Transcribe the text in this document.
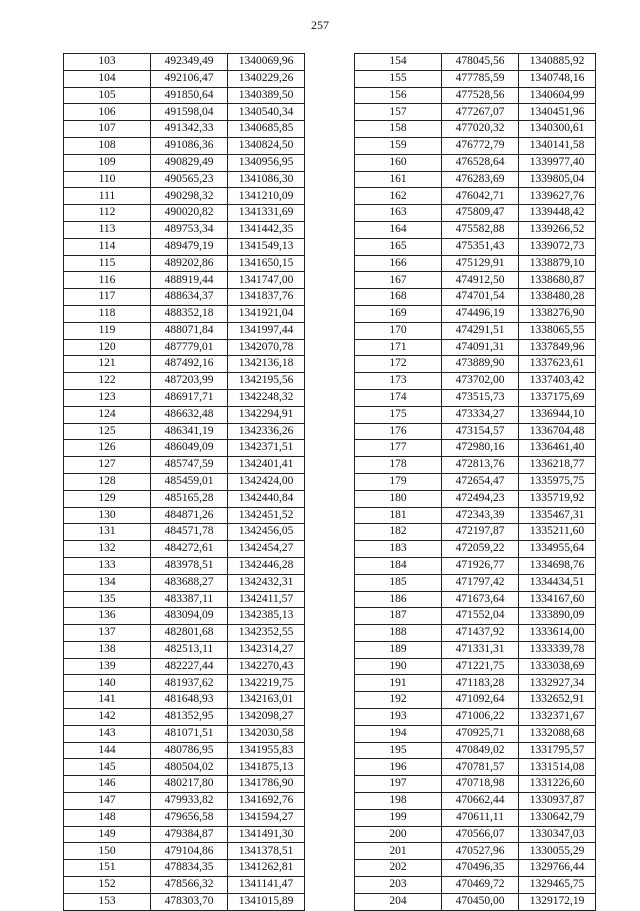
257
103	492349,49	1340069,96
104	492106,47	1340229,26
105	491850,64	1340389,50
106	491598,04	1340540,34
107	491342,33	1340685,85
108	491086,36	1340824,50
109	490829,49	1340956,95
110	490565,23	1341086,30
111	490298,32	1341210,09
112	490020,82	1341331,69
113	489753,34	1341442,35
114	489479,19	1341549,13
115	489202,86	1341650,15
116	488919,44	1341747,00
117	488634,37	1341837,76
118	488352,18	1341921,04
119	488071,84	1341997,44
120	487779,01	1342070,78
121	487492,16	1342136,18
122	487203,99	1342195,56
123	486917,71	1342248,32
124	486632,48	1342294,91
125	486341,19	1342336,26
126	486049,09	1342371,51
127	485747,59	1342401,41
128	485459,01	1342424,00
129	485165,28	1342440,84
130	484871,26	1342451,52
131	484571,78	1342456,05
132	484272,61	1342454,27
133	483978,51	1342446,28
134	483688,27	1342432,31
135	483387,11	1342411,57
136	483094,09	1342385,13
137	482801,68	1342352,55
138	482513,11	1342314,27
139	482227,44	1342270,43
140	481937,62	1342219,75
141	481648,93	1342163,01
142	481352,95	1342098,27
143	481071,51	1342030,58
144	480786,95	1341955,83
145	480504,02	1341875,13
146	480217,80	1341786,90
147	479933,82	1341692,76
148	479656,58	1341594,27
149	479384,87	1341491,30
150	479104,86	1341378,51
151	478834,35	1341262,81
152	478566,32	1341141,47
153	478303,70	1341015,89
154	478045,56	1340885,92
155	477785,59	1340748,16
156	477528,56	1340604,99
157	477267,07	1340451,96
158	477020,32	1340300,61
159	476772,79	1340141,58
160	476528,64	1339977,40
161	476283,69	1339805,04
162	476042,71	1339627,76
163	475809,47	1339448,42
164	475582,88	1339266,52
165	475351,43	1339072,73
166	475129,91	1338879,10
167	474912,50	1338680,87
168	474701,54	1338480,28
169	474496,19	1338276,90
170	474291,51	1338065,55
171	474091,31	1337849,96
172	473889,90	1337623,61
173	473702,00	1337403,42
174	473515,73	1337175,69
175	473334,27	1336944,10
176	473154,57	1336704,48
177	472980,16	1336461,40
178	472813,76	1336218,77
179	472654,47	1335975,75
180	472494,23	1335719,92
181	472343,39	1335467,31
182	472197,87	1335211,60
183	472059,22	1334955,64
184	471926,77	1334698,76
185	471797,42	1334434,51
186	471673,64	1334167,60
187	471552,04	1333890,09
188	471437,92	1333614,00
189	471331,31	1333339,78
190	471221,75	1333038,69
191	471183,28	1332927,34
192	471092,64	1332652,91
193	471006,22	1332371,67
194	470925,71	1332088,68
195	470849,02	1331795,57
196	470781,57	1331514,08
197	470718,98	1331226,60
198	470662,44	1330937,87
199	470611,11	1330642,79
200	470566,07	1330347,03
201	470527,96	1330055,29
202	470496,35	1329766,44
203	470469,72	1329465,75
204	470450,00	1329172,19
